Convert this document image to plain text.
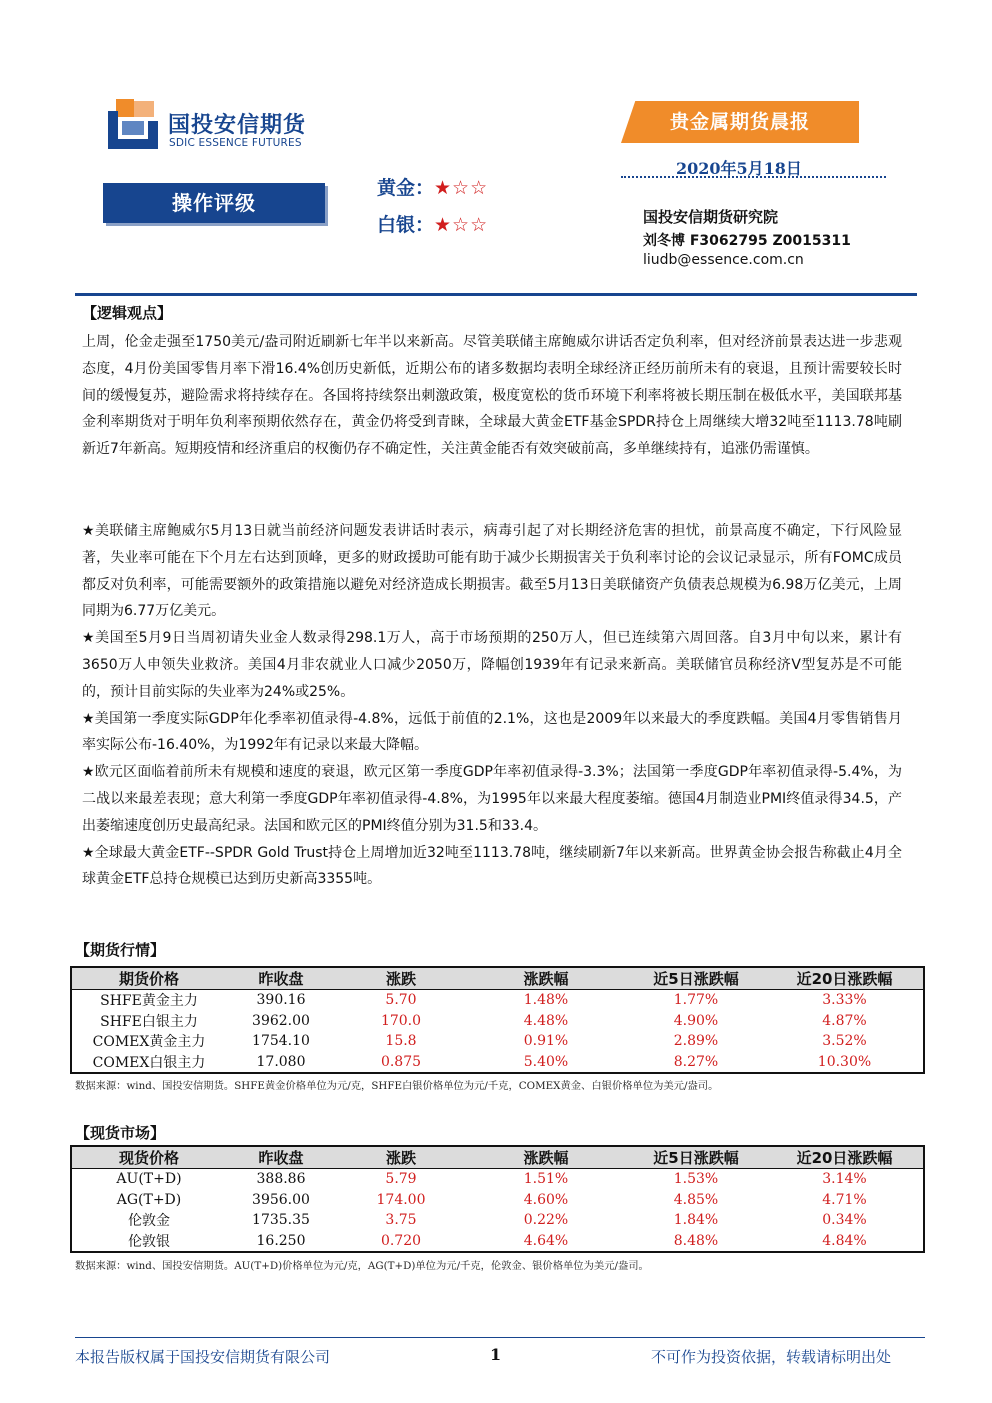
国投安信期货
SDIC ESSENCE FUTURES
贵金属期货晨报
2020年5月18日
操作评级
黄金：★☆☆
白银：★☆☆	国投安信期货研究院
刘冬博 F3062795 Z0015311
liudb@essence.com.cn
【逻辑观点】
上周，伦金走强至1750美元/盎司附近刷新七年半以来新高。尽管美联储主席鲍威尔讲话否定负利率，但对经济前景表达进一步悲观态度，4月份美国零售月率下滑16.4%创历史新低，近期公布的诸多数据均表明全球经济正经历前所未有的衰退，且预计需要较长时间的缓慢复苏，避险需求将持续存在。各国将持续祭出刺激政策，极度宽松的货币环境下利率将被长期压制在极低水平，美国联邦基金利率期货对于明年负利率预期依然存在，黄金仍将受到青睐，全球最大黄金ETF基金SPDR持仓上周继续大增32吨至1113.78吨刷新近7年新高。短期疫情和经济重启的权衡仍存不确定性，关注黄金能否有效突破前高，多单继续持有，追涨仍需谨慎。
★美联储主席鲍威尔5月13日就当前经济问题发表讲话时表示，病毒引起了对长期经济危害的担忧，前景高度不确定，下行风险显著，失业率可能在下个月左右达到顶峰，更多的财政援助可能有助于减少长期损害关于负利率讨论的会议记录显示，所有FOMC成员都反对负利率，可能需要额外的政策措施以避免对经济造成长期损害。截至5月13日美联储资产负债表总规模为6.98万亿美元，上周同期为6.77万亿美元。
★美国至5月9日当周初请失业金人数录得298.1万人，高于市场预期的250万人，但已连续第六周回落。自3月中旬以来，累计有3650万人申领失业救济。美国4月非农就业人口减少2050万，降幅创1939年有记录来新高。美联储官员称经济V型复苏是不可能的，预计目前实际的失业率为24%或25%。
★美国第一季度实际GDP年化季率初值录得-4.8%，远低于前值的2.1%，这也是2009年以来最大的季度跌幅。美国4月零售销售月率实际公布-16.40%，为1992年有记录以来最大降幅。
★欧元区面临着前所未有规模和速度的衰退，欧元区第一季度GDP年率初值录得-3.3%；法国第一季度GDP年率初值录得-5.4%，为二战以来最差表现；意大利第一季度GDP年率初值录得-4.8%，为1995年以来最大程度萎缩。德国4月制造业PMI终值录得34.5，产出萎缩速度创历史最高纪录。法国和欧元区的PMI终值分别为31.5和33.4。
★全球最大黄金ETF--SPDR Gold Trust持仓上周增加近32吨至1113.78吨，继续刷新7年以来新高。世界黄金协会报告称截止4月全球黄金ETF总持仓规模已达到历史新高3355吨。
【期货行情】
期货价格	昨收盘	涨跌	涨跌幅	近5日涨跌幅	近20日涨跌幅
SHFE黄金主力	390.16	5.70	1.48%	1.77%	3.33%
SHFE白银主力	3962.00	170.0	4.48%	4.90%	4.87%
COMEX黄金主力	1754.10	15.8	0.91%	2.89%	3.52%
COMEX白银主力	17.080	0.875	5.40%	8.27%	10.30%
数据来源：wind、国投安信期货。SHFE黄金价格单位为元/克，SHFE白银价格单位为元/千克，COMEX黄金、白银价格单位为美元/盎司。
【现货市场】
现货价格	昨收盘	涨跌	涨跌幅	近5日涨跌幅	近20日涨跌幅
AU(T+D)	388.86	5.79	1.51%	1.53%	3.14%
AG(T+D)	3956.00	174.00	4.60%	4.85%	4.71%
伦敦金	1735.35	3.75	0.22%	1.84%	0.34%
伦敦银	16.250	0.720	4.64%	8.48%	4.84%
数据来源：wind、国投安信期货。AU(T+D)价格单位为元/克，AG(T+D)单位为元/千克，伦敦金、银价格单位为美元/盎司。
本报告版权属于国投安信期货有限公司	1	不可作为投资依据，转载请标明出处
